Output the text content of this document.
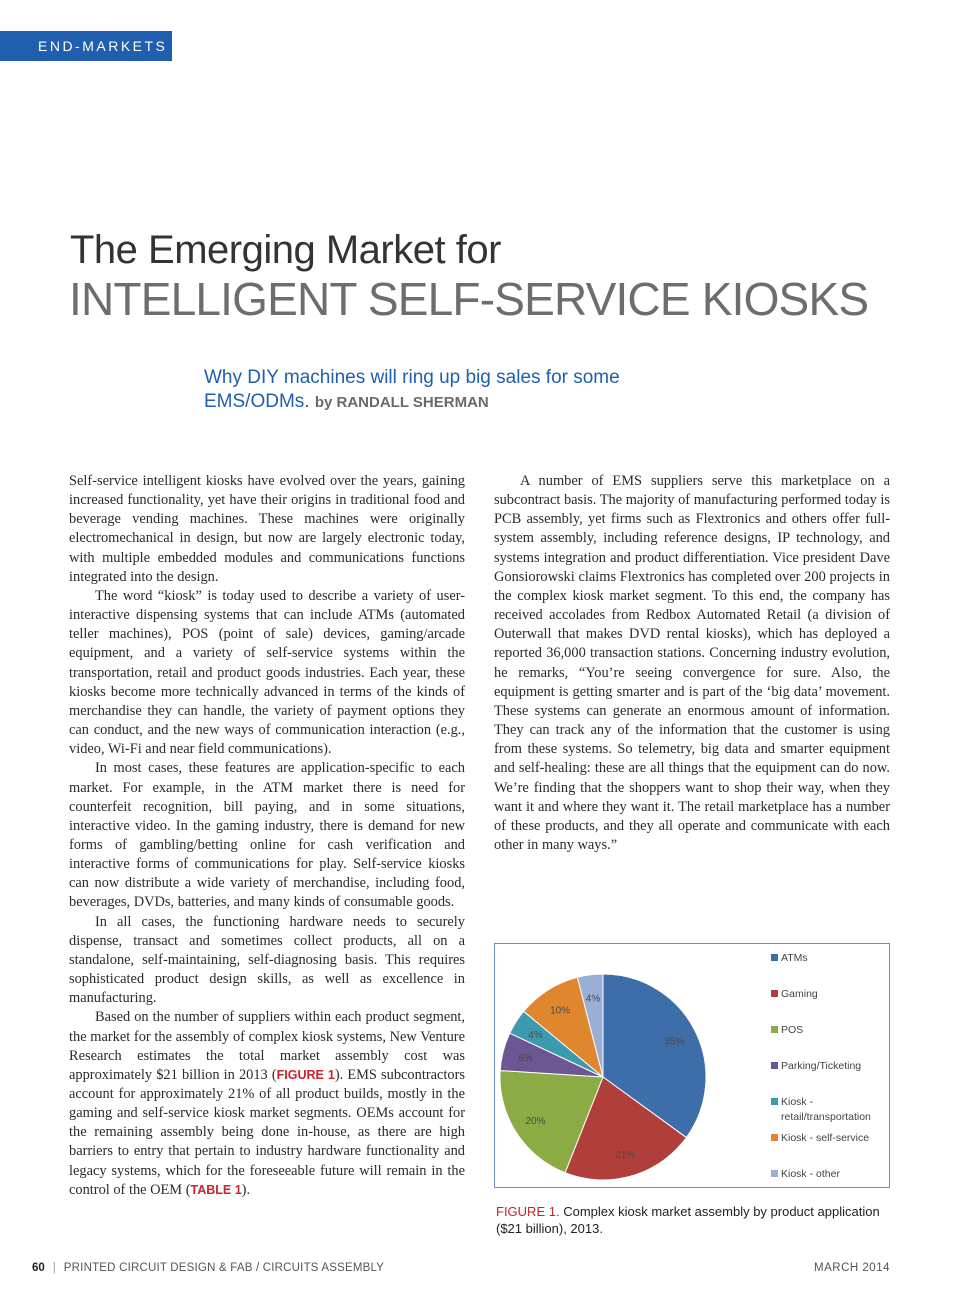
END-MARKETS
The Emerging Market for
INTELLIGENT SELF-SERVICE KIOSKS
Why DIY machines will ring up big sales for some EMS/ODMs. by RANDALL SHERMAN

Self-service intelligent kiosks have evolved over the years, gaining increased functionality, yet have their origins in traditional food and beverage vending machines. These machines were originally electromechanical in design, but now are largely electronic today, with multiple embedded modules and communications functions integrated into the design.

The word “kiosk” is today used to describe a variety of user-interactive dispensing systems that can include ATMs (automated teller machines), POS (point of sale) devices, gaming/arcade equipment, and a variety of self-service systems within the transportation, retail and product goods industries. Each year, these kiosks become more technically advanced in terms of the kinds of merchandise they can handle, the variety of payment options they can conduct, and the new ways of communication interaction (e.g., video, Wi-Fi and near field communications).

In most cases, these features are application-specific to each market. For example, in the ATM market there is need for counterfeit recognition, bill paying, and in some situations, interactive video. In the gaming industry, there is demand for new forms of gambling/betting online for cash verification and interactive forms of communications for play. Self-service kiosks can now distribute a wide variety of merchandise, including food, beverages, DVDs, batteries, and many kinds of consumable goods.

In all cases, the functioning hardware needs to securely dispense, transact and sometimes collect products, all on a standalone, self-maintaining, self-diagnosing basis. This requires sophisticated product design skills, as well as excellence in manufacturing.

Based on the number of suppliers within each product segment, the market for the assembly of complex kiosk systems, New Venture Research estimates the total market assembly cost was approximately $21 billion in 2013 (FIGURE 1). EMS subcontractors account for approximately 21% of all product builds, mostly in the gaming and self-service kiosk market segments. OEMs account for the remaining assembly being done in-house, as there are high barriers to entry that pertain to industry hardware functionality and legacy systems, which for the foreseeable future will remain in the control of the OEM (TABLE 1).

A number of EMS suppliers serve this marketplace on a subcontract basis. The majority of manufacturing performed today is PCB assembly, yet firms such as Flextronics and others offer full-system assembly, including reference designs, IP technology, and systems integration and product differentiation. Vice president Dave Gonsiorowski claims Flextronics has completed over 200 projects in the complex kiosk market segment. To this end, the company has received accolades from Redbox Automated Retail (a division of Outerwall that makes DVD rental kiosks), which has deployed a reported 36,000 transaction stations. Concerning industry evolution, he remarks, “You’re seeing convergence for sure. Also, the equipment is getting smarter and is part of the ‘big data’ movement. These systems can generate an enormous amount of information. They can track any of the information that the customer is using from these systems. So telemetry, big data and smarter equipment and self-healing: these are all things that the equipment can do now. We’re finding that the shoppers want to shop their way, when they want it and where they want it. The retail marketplace has a number of these products, and they all operate and communicate with each other in many ways.”

35%
21%
20%
6%
4%
10%
4%
ATMs
Gaming
POS
Parking/Ticketing
Kiosk -
retail/transportation
Kiosk - self-service
Kiosk - other
FIGURE 1. Complex kiosk market assembly by product application ($21 billion), 2013.
60 | PRINTED CIRCUIT DESIGN & FAB / CIRCUITS ASSEMBLY	MARCH 2014
